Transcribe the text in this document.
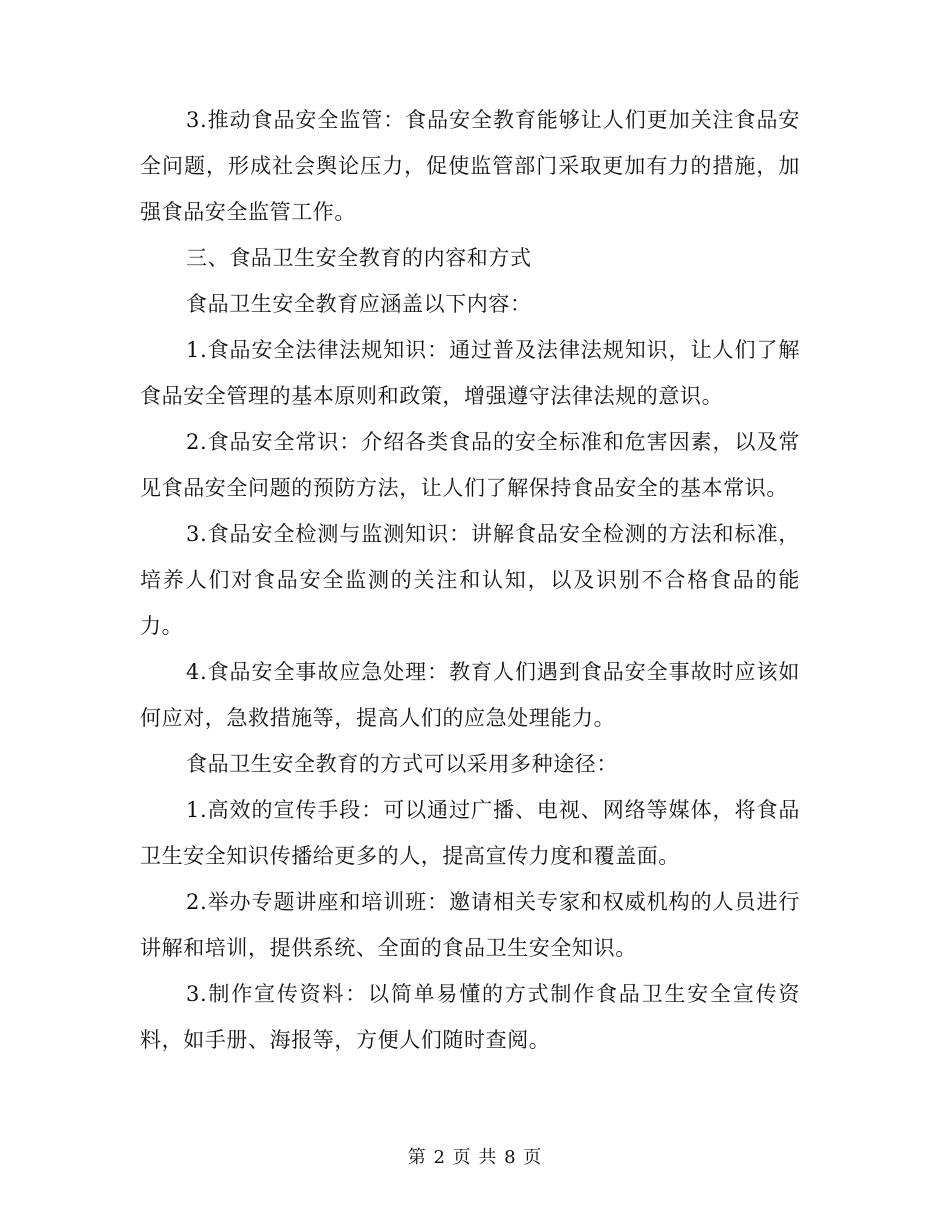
3.推动食品安全监管：食品安全教育能够让人们更加关注食品安全问题，形成社会舆论压力，促使监管部门采取更加有力的措施，加强食品安全监管工作。

三、食品卫生安全教育的内容和方式

食品卫生安全教育应涵盖以下内容：

1.食品安全法律法规知识：通过普及法律法规知识，让人们了解食品安全管理的基本原则和政策，增强遵守法律法规的意识。

2.食品安全常识：介绍各类食品的安全标准和危害因素，以及常见食品安全问题的预防方法，让人们了解保持食品安全的基本常识。

3.食品安全检测与监测知识：讲解食品安全检测的方法和标准，培养人们对食品安全监测的关注和认知，以及识别不合格食品的能力。

4.食品安全事故应急处理：教育人们遇到食品安全事故时应该如何应对，急救措施等，提高人们的应急处理能力。

食品卫生安全教育的方式可以采用多种途径：

1.高效的宣传手段：可以通过广播、电视、网络等媒体，将食品卫生安全知识传播给更多的人，提高宣传力度和覆盖面。

2.举办专题讲座和培训班：邀请相关专家和权威机构的人员进行讲解和培训，提供系统、全面的食品卫生安全知识。

3.制作宣传资料：以简单易懂的方式制作食品卫生安全宣传资料，如手册、海报等，方便人们随时查阅。

第 2 页 共 8 页
